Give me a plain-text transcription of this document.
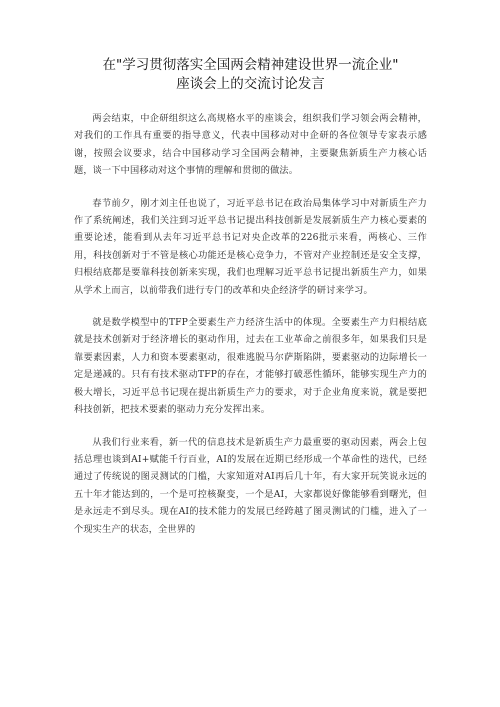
在"学习贯彻落实全国两会精神建设世界一流企业"
座谈会上的交流讨论发言

两会结束，中企研组织这么高规格水平的座谈会，组织我们学习领会两会精神，对我们的工作具有重要的指导意义，代表中国移动对中企研的各位领导专家表示感谢，按照会议要求，结合中国移动学习全国两会精神，主要聚焦新质生产力核心话题，谈一下中国移动对这个事情的理解和贯彻的做法。

春节前夕，刚才刘主任也说了，习近平总书记在政治局集体学习中对新质生产力作了系统阐述，我们关注到习近平总书记提出科技创新是发展新质生产力核心要素的重要论述，能看到从去年习近平总书记对央企改革的226批示来看，两核心、三作用，科技创新对于不管是核心功能还是核心竞争力，不管对产业控制还是安全支撑，归根结底都是要靠科技创新来实现，我们也理解习近平总书记提出新质生产力，如果从学术上而言，以前带我们进行专门的改革和央企经济学的研讨来学习。

就是数学模型中的TFP全要素生产力经济生活中的体现。全要素生产力归根结底就是技术创新对于经济增长的驱动作用，过去在工业革命之前很多年，如果我们只是靠要素因素，人力和资本要素驱动，很难逃脱马尔萨斯陷阱，要素驱动的边际增长一定是递减的。只有有技术驱动TFP的存在，才能够打破恶性循环，能够实现生产力的极大增长，习近平总书记现在提出新质生产力的要求，对于企业角度来说，就是要把科技创新，把技术要素的驱动力充分发挥出来。

从我们行业来看，新一代的信息技术是新质生产力最重要的驱动因素，两会上包括总理也谈到AI+赋能千行百业，AI的发展在近期已经形成一个革命性的迭代，已经通过了传统说的图灵测试的门槛，大家知道对AI再后几十年，有大家开玩笑说永远的五十年才能达到的，一个是可控核聚变，一个是AI，大家都说好像能够看到曙光，但是永远走不到尽头。现在AI的技术能力的发展已经跨越了图灵测试的门槛，进入了一个现实生产的状态，全世界的
